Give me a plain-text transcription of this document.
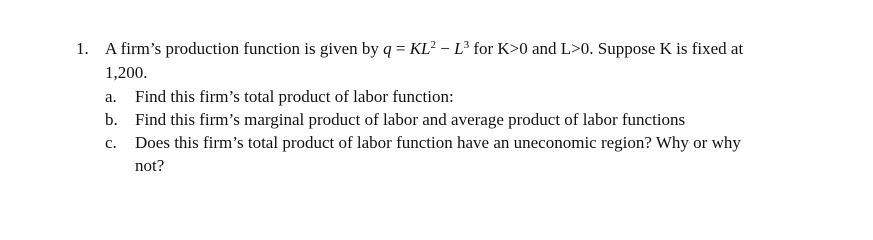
1. A firm’s production function is given by $q = KL^2 - L^3$ for K>0 and L>0. Suppose K is fixed at
1,200.
a. Find this firm’s total product of labor function:
b. Find this firm’s marginal product of labor and average product of labor functions
c. Does this firm’s total product of labor function have an uneconomic region? Why or why
not?
